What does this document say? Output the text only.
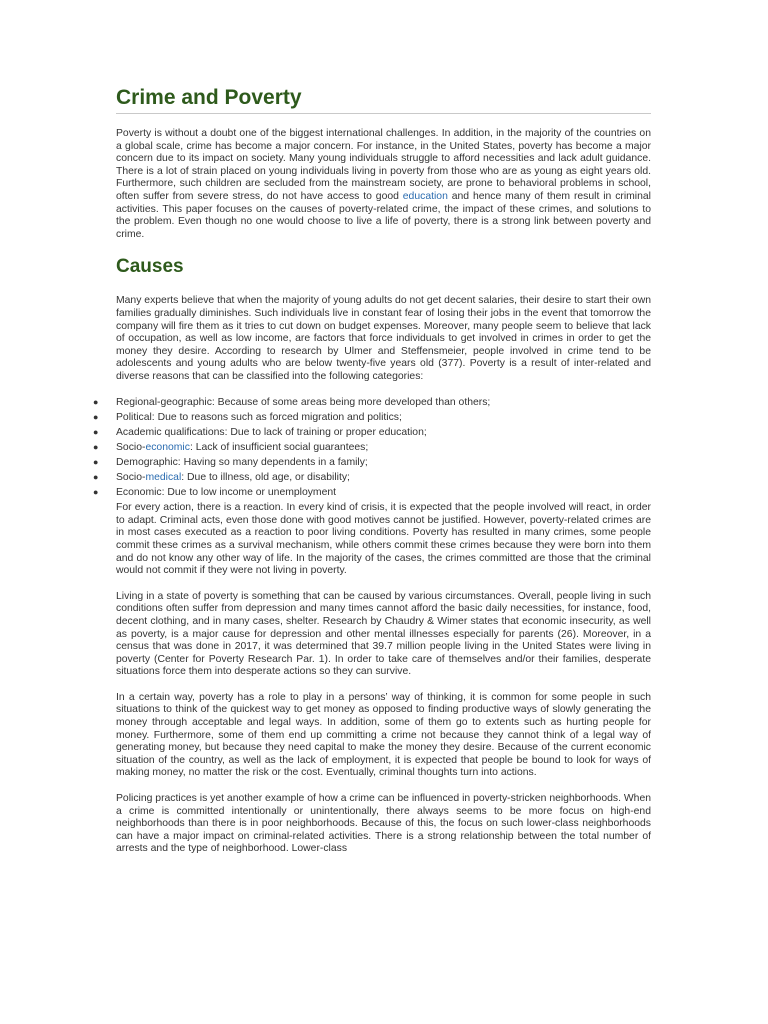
Crime and Poverty

Poverty is without a doubt one of the biggest international challenges. In addition, in the majority of the countries on a global scale, crime has become a major concern. For instance, in the United States, poverty has become a major concern due to its impact on society. Many young individuals struggle to afford necessities and lack adult guidance. There is a lot of strain placed on young individuals living in poverty from those who are as young as eight years old. Furthermore, such children are secluded from the mainstream society, are prone to behavioral problems in school, often suffer from severe stress, do not have access to good education and hence many of them result in criminal activities. This paper focuses on the causes of poverty-related crime, the impact of these crimes, and solutions to the problem. Even though no one would choose to live a life of poverty, there is a strong link between poverty and crime.

Causes

Many experts believe that when the majority of young adults do not get decent salaries, their desire to start their own families gradually diminishes. Such individuals live in constant fear of losing their jobs in the event that tomorrow the company will fire them as it tries to cut down on budget expenses. Moreover, many people seem to believe that lack of occupation, as well as low income, are factors that force individuals to get involved in crimes in order to get the money they desire. According to research by Ulmer and Steffensmeier, people involved in crime tend to be adolescents and young adults who are below twenty-five years old (377). Poverty is a result of inter-related and diverse reasons that can be classified into the following categories:

● Regional-geographic: Because of some areas being more developed than others;
● Political: Due to reasons such as forced migration and politics;
● Academic qualifications: Due to lack of training or proper education;
● Socio-economic: Lack of insufficient social guarantees;
● Demographic: Having so many dependents in a family;
● Socio-medical: Due to illness, old age, or disability;
● Economic: Due to low income or unemployment

For every action, there is a reaction. In every kind of crisis, it is expected that the people involved will react, in order to adapt. Criminal acts, even those done with good motives cannot be justified. However, poverty-related crimes are in most cases executed as a reaction to poor living conditions. Poverty has resulted in many crimes, some people commit these crimes as a survival mechanism, while others commit these crimes because they were born into them and do not know any other way of life. In the majority of the cases, the crimes committed are those that the criminal would not commit if they were not living in poverty.

Living in a state of poverty is something that can be caused by various circumstances. Overall, people living in such conditions often suffer from depression and many times cannot afford the basic daily necessities, for instance, food, decent clothing, and in many cases, shelter. Research by Chaudry & Wimer states that economic insecurity, as well as poverty, is a major cause for depression and other mental illnesses especially for parents (26). Moreover, in a census that was done in 2017, it was determined that 39.7 million people living in the United States were living in poverty (Center for Poverty Research Par. 1). In order to take care of themselves and/or their families, desperate situations force them into desperate actions so they can survive.

In a certain way, poverty has a role to play in a persons’ way of thinking, it is common for some people in such situations to think of the quickest way to get money as opposed to finding productive ways of slowly generating the money through acceptable and legal ways. In addition, some of them go to extents such as hurting people for money. Furthermore, some of them end up committing a crime not because they cannot think of a legal way of generating money, but because they need capital to make the money they desire. Because of the current economic situation of the country, as well as the lack of employment, it is expected that people be bound to look for ways of making money, no matter the risk or the cost. Eventually, criminal thoughts turn into actions.

Policing practices is yet another example of how a crime can be influenced in poverty-stricken neighborhoods. When a crime is committed intentionally or unintentionally, there always seems to be more focus on high-end neighborhoods than there is in poor neighborhoods. Because of this, the focus on such lower-class neighborhoods can have a major impact on criminal-related activities. There is a strong relationship between the total number of arrests and the type of neighborhood. Lower-class
